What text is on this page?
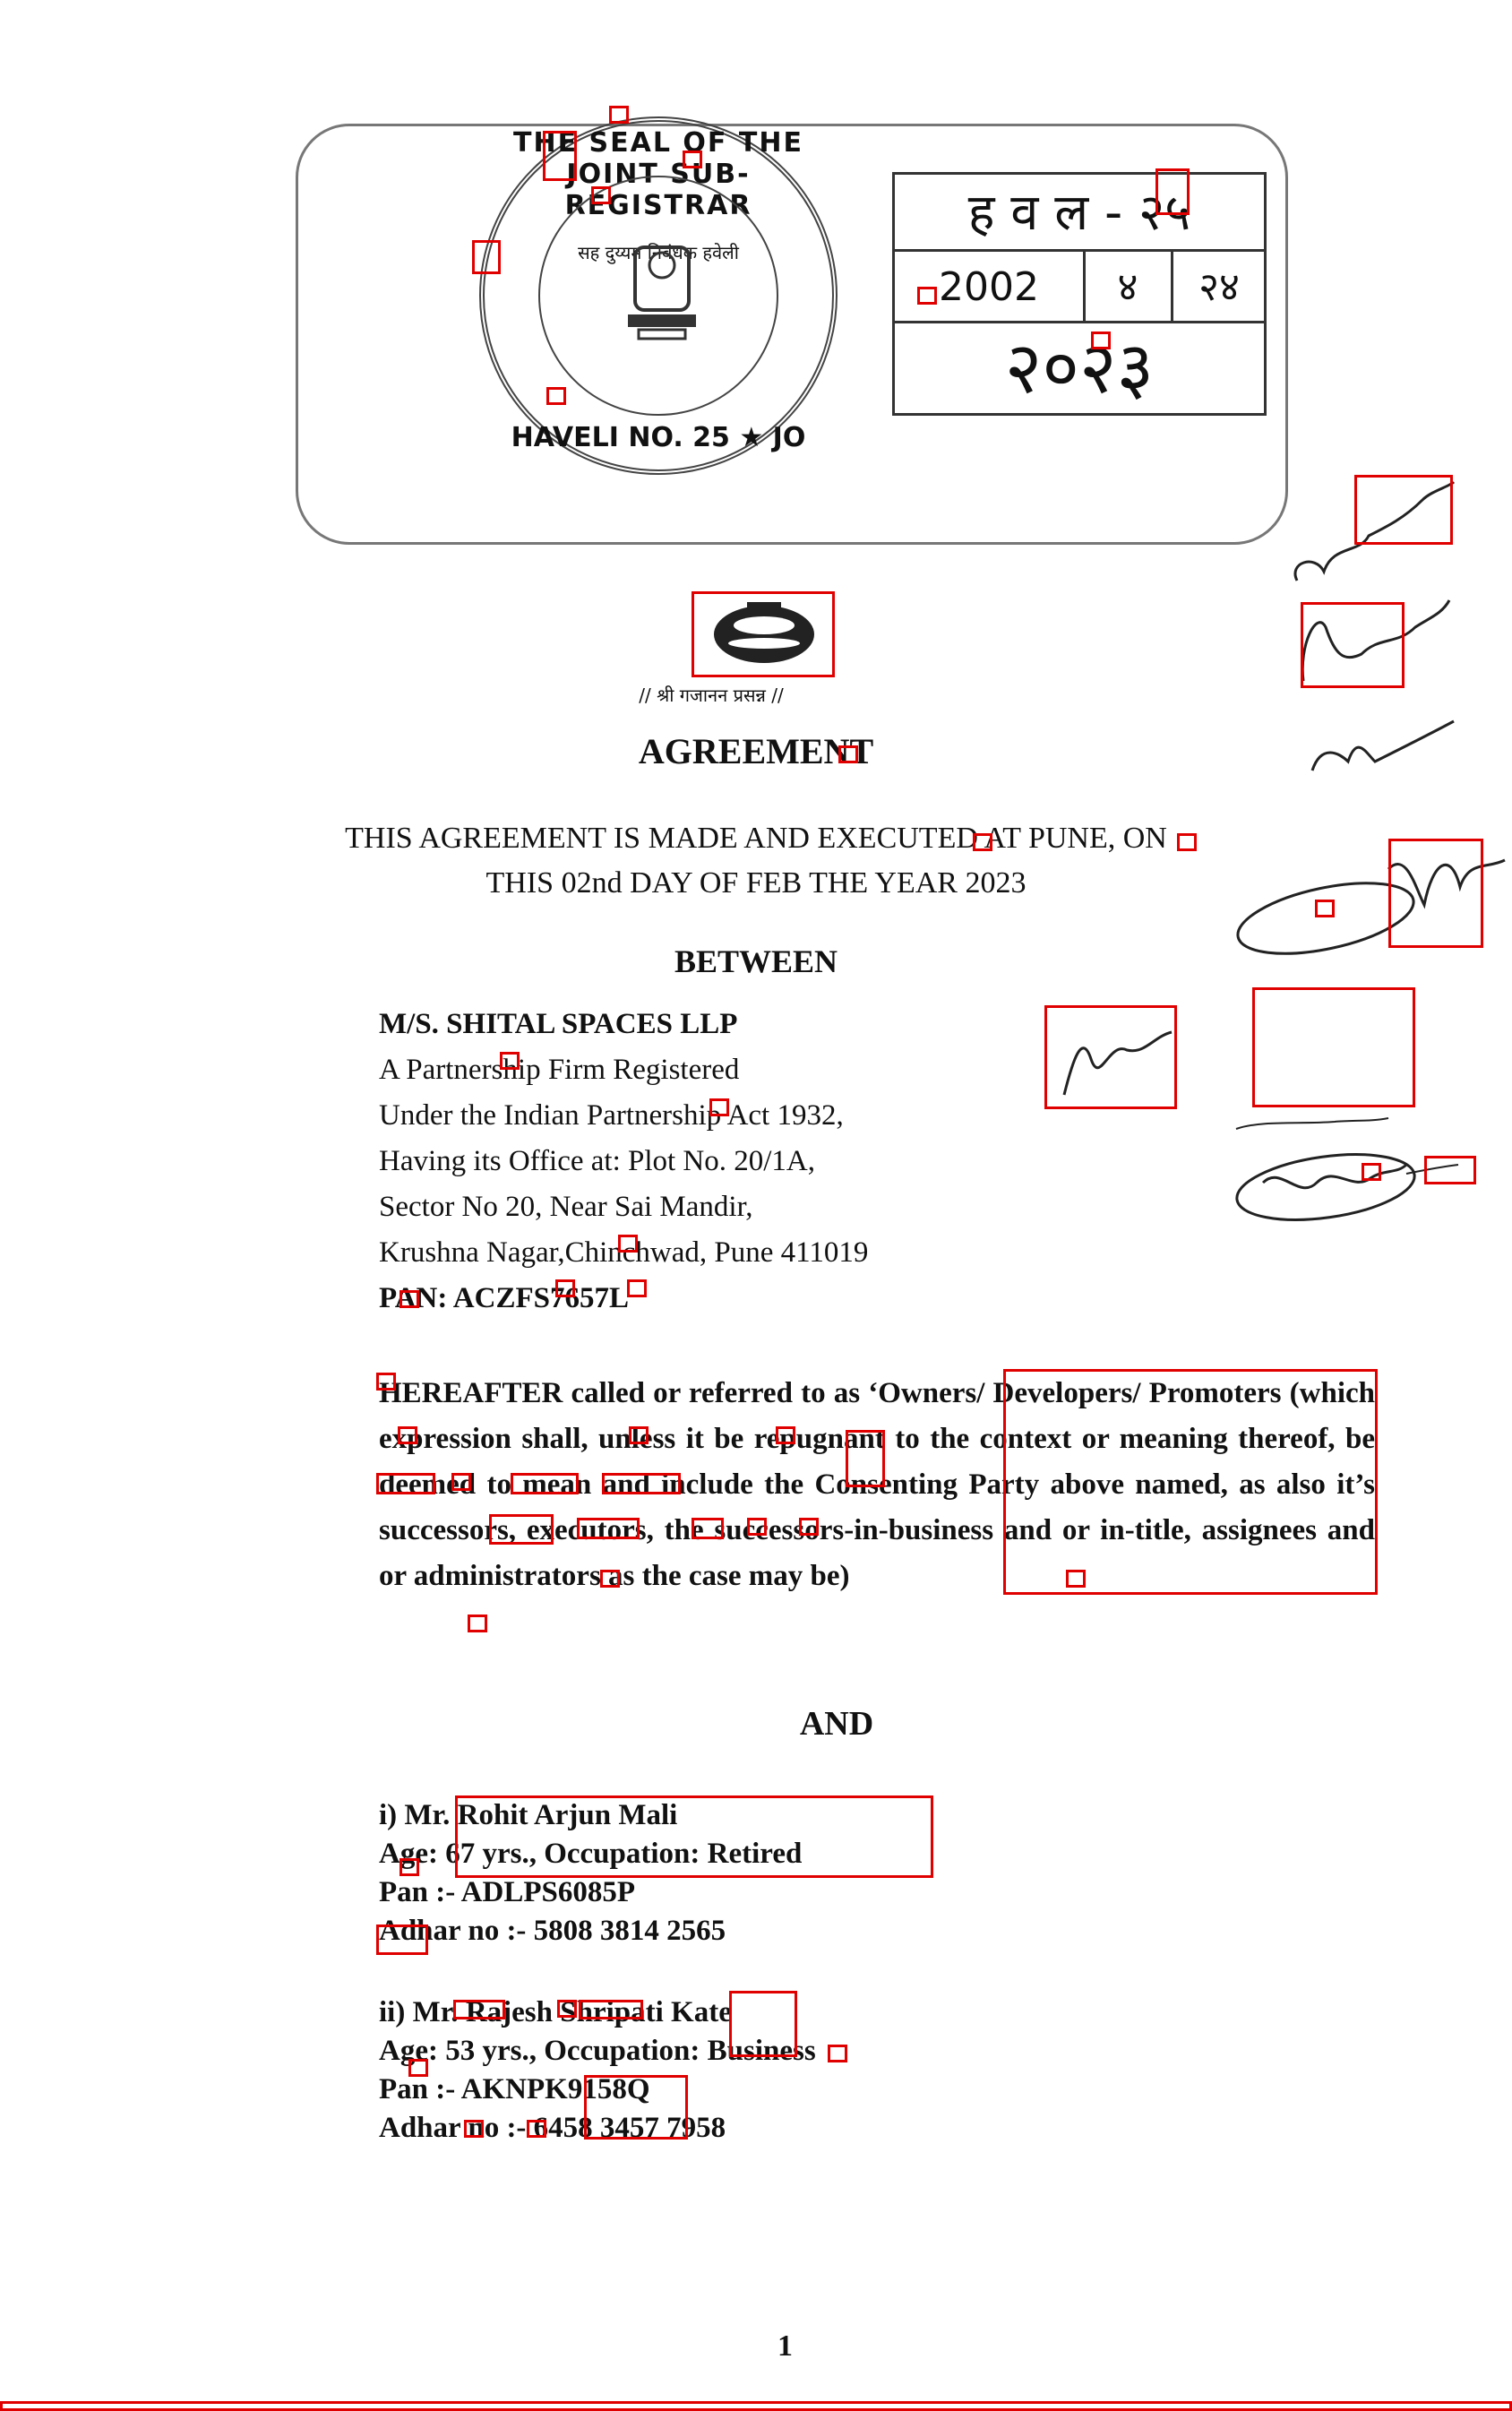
THE SEAL OF THE JOINT SUB-REGISTRAR
सह दुय्यम निबंधक हवेली
HAVELI NO. 25 ★ JO
ह व ल - २५
2002	४	२४
२०२३
// श्री गजानन प्रसन्न //
AGREEMENT
THIS AGREEMENT IS MADE AND EXECUTED AT PUNE, ON
THIS 02nd DAY OF FEB THE YEAR 2023
BETWEEN
M/S. SHITAL SPACES LLP
A Partnership Firm Registered
Under the Indian Partnership Act 1932,
Having its Office at: Plot No. 20/1A,
Sector No 20, Near Sai Mandir,
Krushna Nagar,Chinchwad, Pune 411019
PAN: ACZFS7657L
HEREAFTER called or referred to as ‘Owners/ Developers/ Promoters (which expression shall, unless it be repugnant to the context or meaning thereof, be deemed to mean and include the Consenting Party above named, as also it’s successors, executors, the successors-in-business and or in-title, assignees and or administrators as the case may be)
AND
i) Mr. Rohit Arjun Mali
Age: 67 yrs., Occupation: Retired
Pan :- ADLPS6085P
Adhar no :- 5808 3814 2565
ii) Mr. Rajesh Shripati Kate
Age: 53 yrs., Occupation: Business
Pan :- AKNPK9158Q
Adhar no :- 6458 3457 7958
1
